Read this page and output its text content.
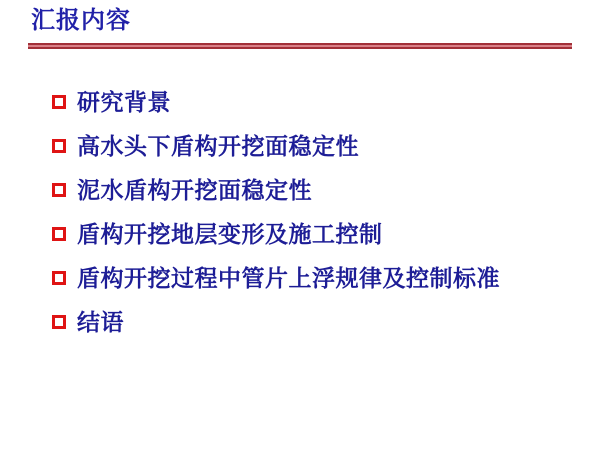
汇报内容
研究背景
高水头下盾构开挖面稳定性
泥水盾构开挖面稳定性
盾构开挖地层变形及施工控制
盾构开挖过程中管片上浮规律及控制标准
结语
